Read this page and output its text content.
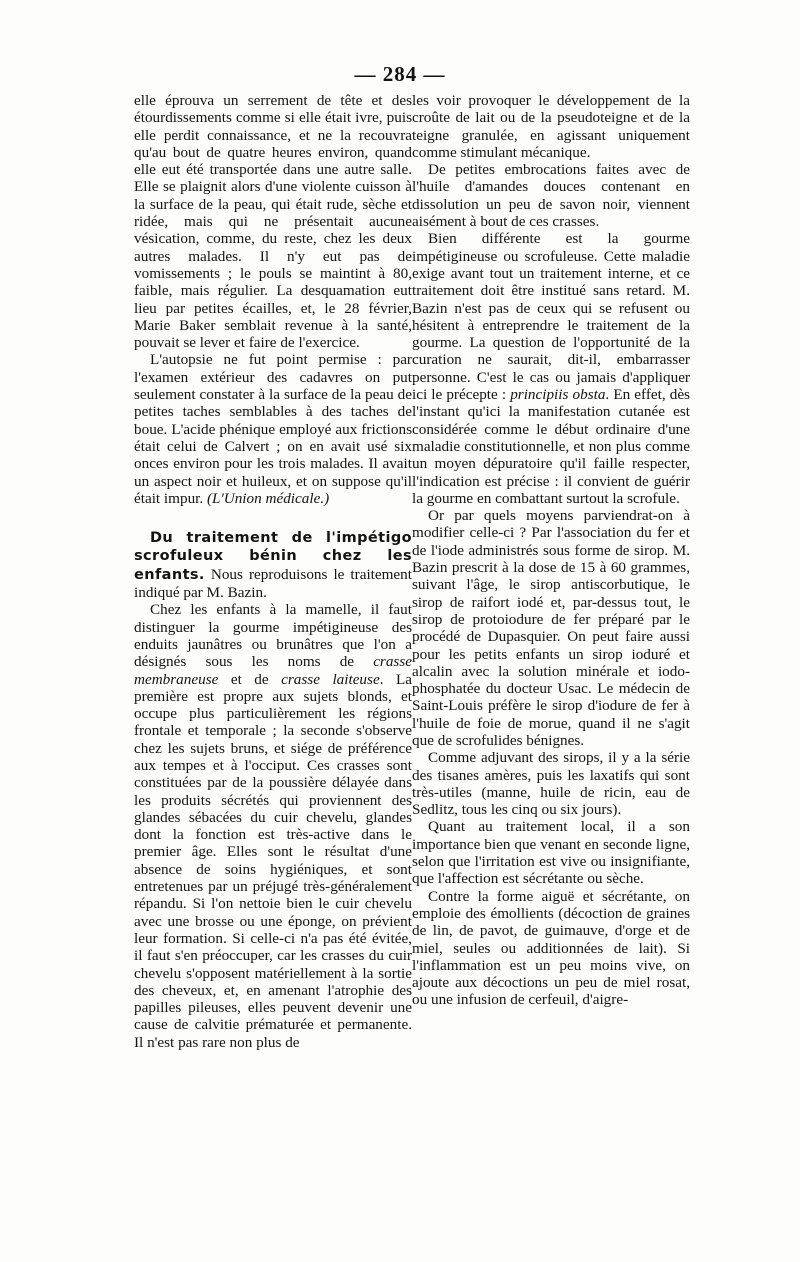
— 284 —

elle éprouva un serrement de tête et des étourdissements comme si elle était ivre, puis elle perdit connaissance, et ne la recouvra qu'au bout de quatre heures environ, quand elle eut été transportée dans une autre salle. Elle se plaignit alors d'une violente cuisson à la surface de la peau, qui était rude, sèche et ridée, mais qui ne présentait aucune vésication, comme, du reste, chez les deux autres malades. Il n'y eut pas de vomissements ; le pouls se maintint à 80, faible, mais régulier. La desquamation eut lieu par petites écailles, et, le 28 février, Marie Baker semblait revenue à la santé, pouvait se lever et faire de l'exercice.

L'autopsie ne fut point permise : par l'examen extérieur des cadavres on put seulement constater à la surface de la peau de petites taches semblables à des taches de boue. L'acide phénique employé aux frictions était celui de Calvert ; on en avait usé six onces environ pour les trois malades. Il avait un aspect noir et huileux, et on suppose qu'il était impur. (L'Union médicale.)

Du traitement de l'impétigo scrofuleux bénin chez les enfants. Nous reproduisons le traitement indiqué par M. Bazin.

Chez les enfants à la mamelle, il faut distinguer la gourme impétigineuse des enduits jaunâtres ou brunâtres que l'on a désignés sous les noms de crasse membraneuse et de crasse laiteuse. La première est propre aux sujets blonds, et occupe plus particulièrement les régions frontale et temporale ; la seconde s'observe chez les sujets bruns, et siége de préférence aux tempes et à l'occiput. Ces crasses sont constituées par de la poussière délayée dans les produits sécrétés qui proviennent des glandes sébacées du cuir chevelu, glandes dont la fonction est très-active dans le premier âge. Elles sont le résultat d'une absence de soins hygiéniques, et sont entretenues par un préjugé très-généralement répandu. Si l'on nettoie bien le cuir chevelu avec une brosse ou une éponge, on prévient leur formation. Si celle-ci n'a pas été évitée, il faut s'en préoccuper, car les crasses du cuir chevelu s'opposent matériellement à la sortie des cheveux, et, en amenant l'atrophie des papilles pileuses, elles peuvent devenir une cause de calvitie prématurée et permanente. Il n'est pas rare non plus de

les voir provoquer le développement de la croûte de lait ou de la pseudoteigne et de la teigne granulée, en agissant uniquement comme stimulant mécanique.

De petites embrocations faites avec de l'huile d'amandes douces contenant en dissolution un peu de savon noir, viennent aisément à bout de ces crasses.

Bien différente est la gourme impétigineuse ou scrofuleuse. Cette maladie exige avant tout un traitement interne, et ce traitement doit être institué sans retard. M. Bazin n'est pas de ceux qui se refusent ou hésitent à entreprendre le traitement de la gourme. La question de l'opportunité de la curation ne saurait, dit-il, embarrasser personne. C'est le cas ou jamais d'appliquer ici le précepte : principiis obsta. En effet, dès l'instant qu'ici la manifestation cutanée est considérée comme le début ordinaire d'une maladie constitutionnelle, et non plus comme un moyen dépuratoire qu'il faille respecter, l'indication est précise : il convient de guérir la gourme en combattant surtout la scrofule.

Or par quels moyens parviendrat-on à modifier celle-ci ? Par l'association du fer et de l'iode administrés sous forme de sirop. M. Bazin prescrit à la dose de 15 à 60 grammes, suivant l'âge, le sirop antiscorbutique, le sirop de raifort iodé et, par-dessus tout, le sirop de protoiodure de fer préparé par le procédé de Dupasquier. On peut faire aussi pour les petits enfants un sirop ioduré et alcalin avec la solution minérale et iodo-phosphatée du docteur Usac. Le médecin de Saint-Louis préfère le sirop d'iodure de fer à l'huile de foie de morue, quand il ne s'agit que de scrofulides bénignes.

Comme adjuvant des sirops, il y a la série des tisanes amères, puis les laxatifs qui sont très-utiles (manne, huile de ricin, eau de Sedlitz, tous les cinq ou six jours).

Quant au traitement local, il a son importance bien que venant en seconde ligne, selon que l'irritation est vive ou insignifiante, que l'affection est sécrétante ou sèche.

Contre la forme aiguë et sécrétante, on emploie des émollients (décoction de graines de lin, de pavot, de guimauve, d'orge et de miel, seules ou additionnées de lait). Si l'inflammation est un peu moins vive, on ajoute aux décoctions un peu de miel rosat, ou une infusion de cerfeuil, d'aigre-
